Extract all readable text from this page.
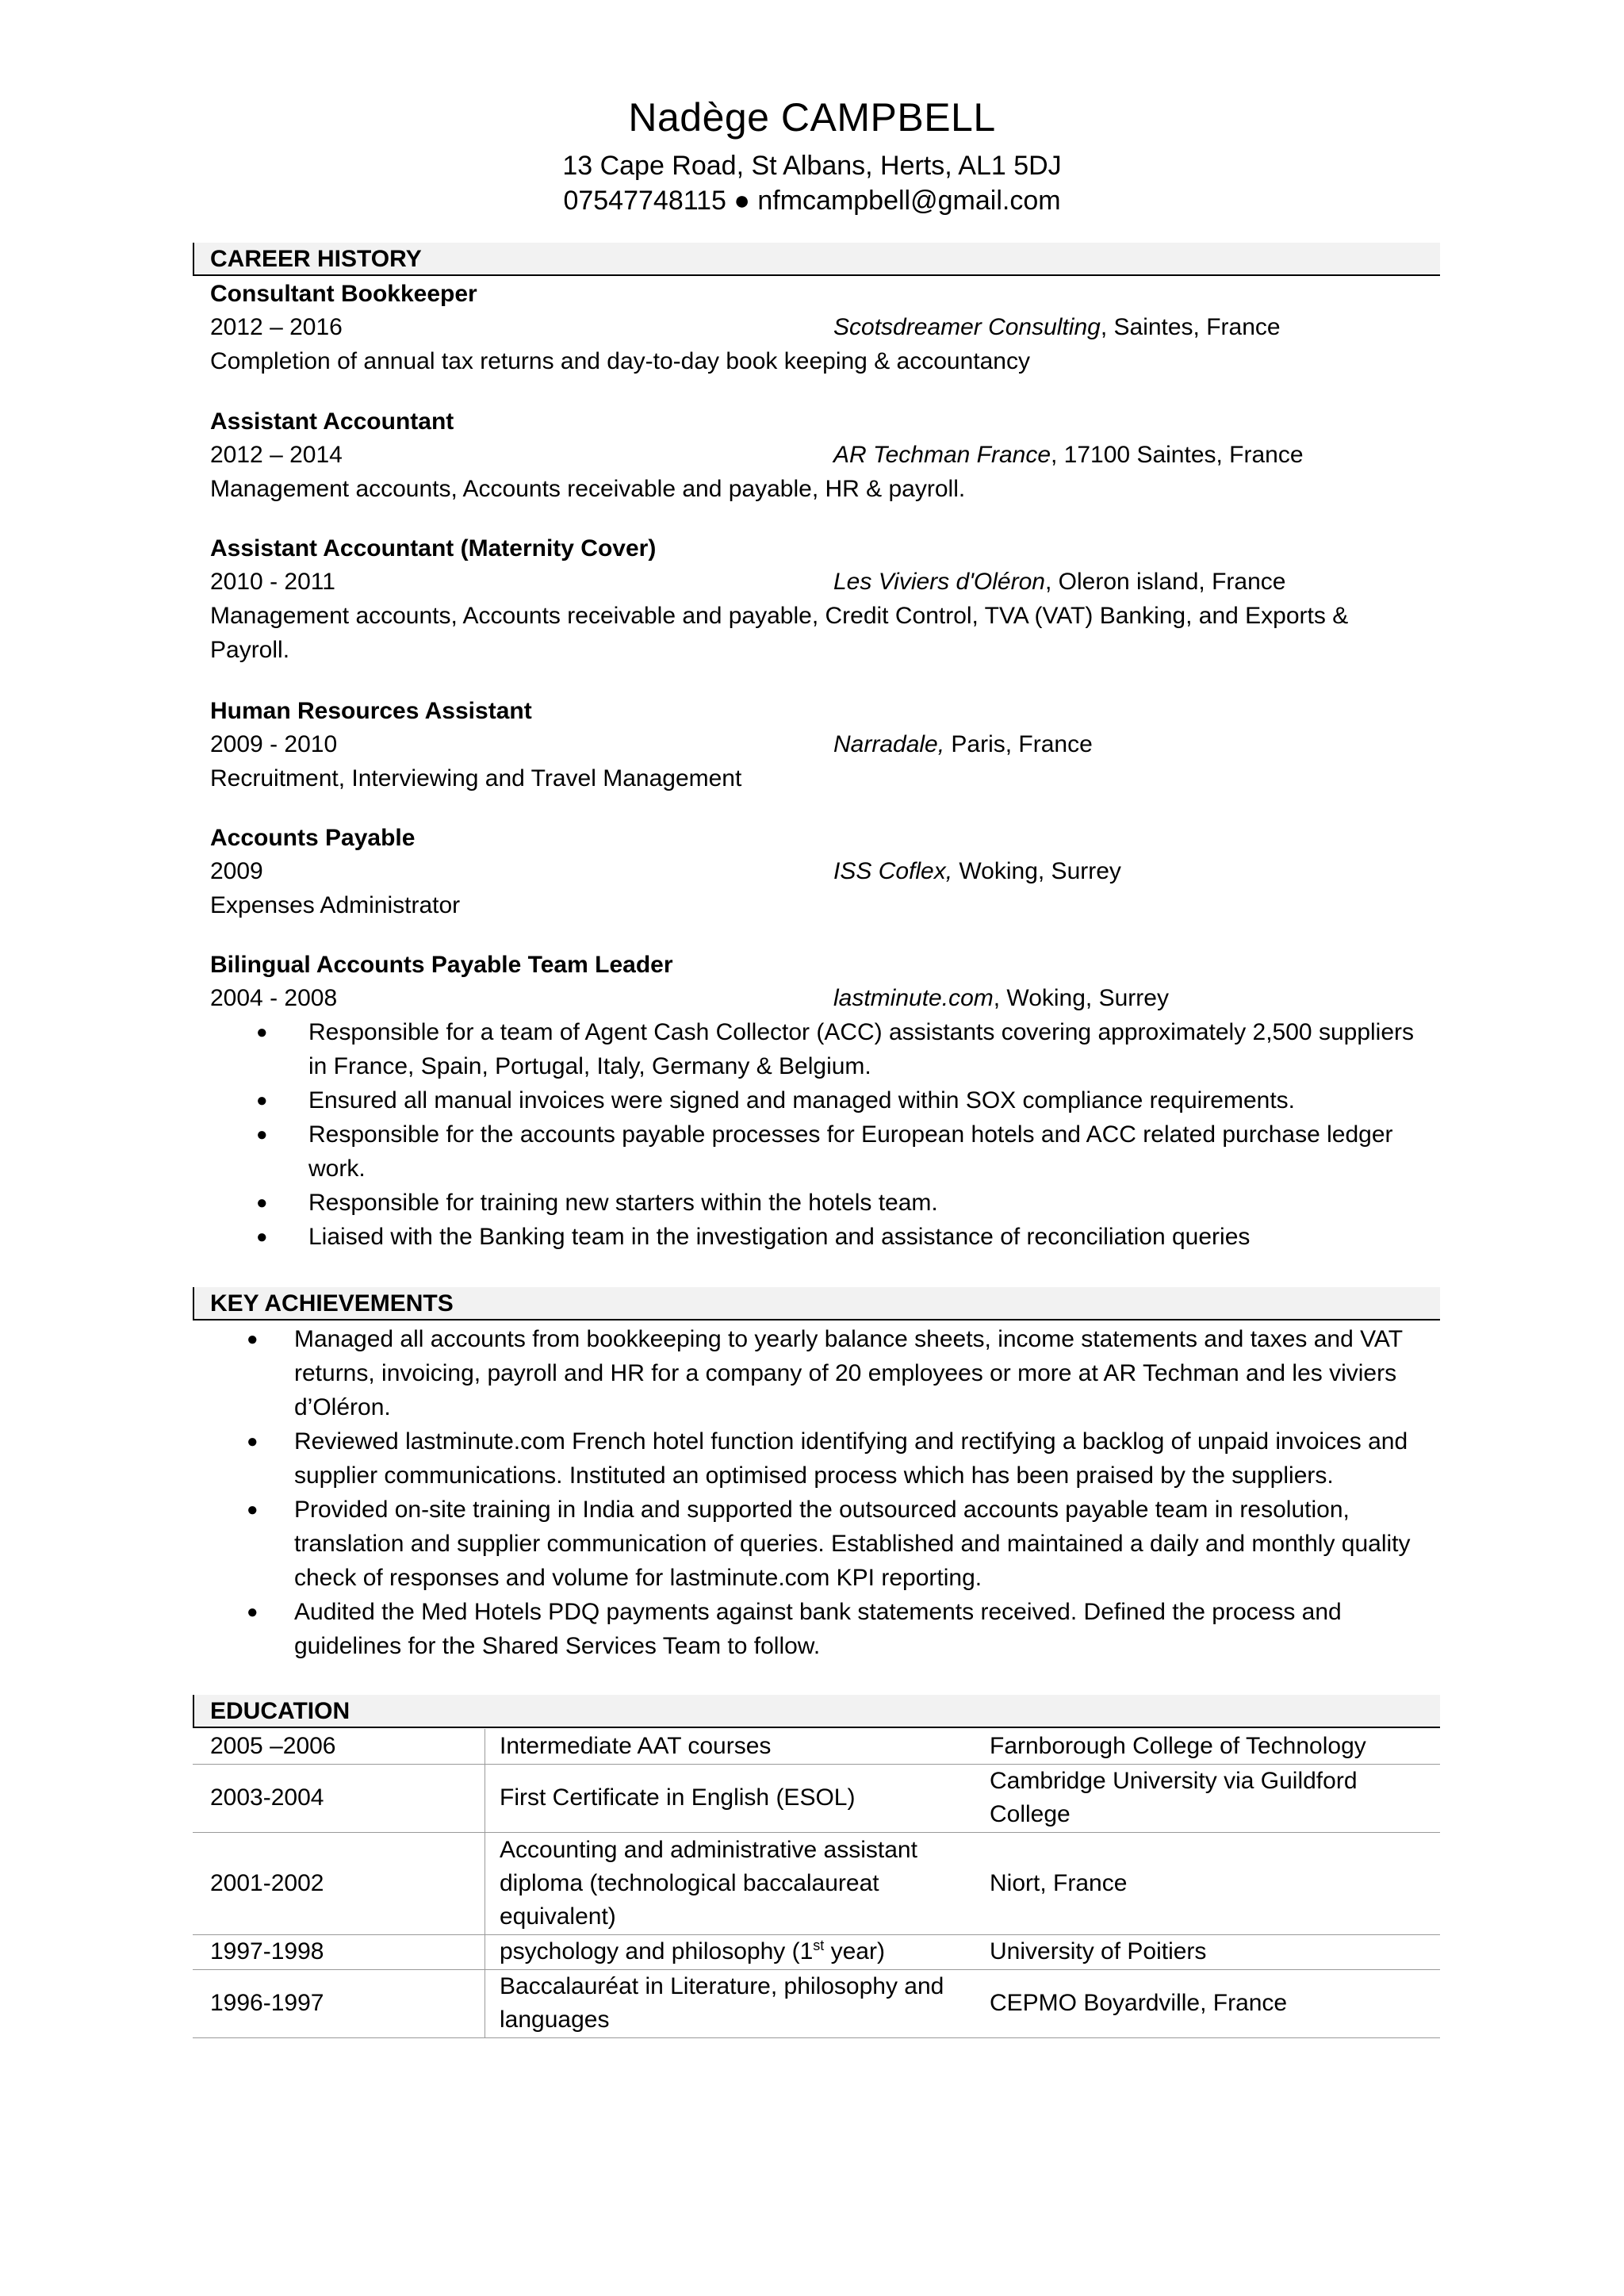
Nadège CAMPBELL
13 Cape Road, St Albans, Herts, AL1 5DJ
07547748115 ● nfmcampbell@gmail.com
CAREER HISTORY
Consultant Bookkeeper
2012 – 2016	Scotsdreamer Consulting, Saintes, France
Completion of annual tax returns and day-to-day book keeping & accountancy
Assistant Accountant
2012 – 2014	AR Techman France, 17100 Saintes, France
Management accounts, Accounts receivable and payable, HR & payroll.
Assistant Accountant (Maternity Cover)
2010 - 2011	Les Viviers d'Oléron, Oleron island, France
Management accounts, Accounts receivable and payable, Credit Control, TVA (VAT) Banking, and Exports & Payroll.
Human Resources Assistant
2009 - 2010	Narradale, Paris, France
Recruitment, Interviewing and Travel Management
Accounts Payable
2009	ISS Coflex, Woking, Surrey
Expenses Administrator
Bilingual Accounts Payable Team Leader
2004 - 2008	lastminute.com, Woking, Surrey
● Responsible for a team of Agent Cash Collector (ACC) assistants covering approximately 2,500 suppliers in France, Spain, Portugal, Italy, Germany & Belgium.
● Ensured all manual invoices were signed and managed within SOX compliance requirements.
● Responsible for the accounts payable processes for European hotels and ACC related purchase ledger work.
● Responsible for training new starters within the hotels team.
● Liaised with the Banking team in the investigation and assistance of reconciliation queries
KEY ACHIEVEMENTS
● Managed all accounts from bookkeeping to yearly balance sheets, income statements and taxes and VAT returns, invoicing, payroll and HR for a company of 20 employees or more at AR Techman and les viviers d’Oléron.
● Reviewed lastminute.com French hotel function identifying and rectifying a backlog of unpaid invoices and supplier communications. Instituted an optimised process which has been praised by the suppliers.
● Provided on-site training in India and supported the outsourced accounts payable team in resolution, translation and supplier communication of queries. Established and maintained a daily and monthly quality check of responses and volume for lastminute.com KPI reporting.
● Audited the Med Hotels PDQ payments against bank statements received. Defined the process and guidelines for the Shared Services Team to follow.
EDUCATION
2005 –2006	Intermediate AAT courses	Farnborough College of Technology
2003-2004	First Certificate in English (ESOL)	Cambridge University via Guildford College
2001-2002	Accounting and administrative assistant diploma (technological baccalaureat equivalent)	Niort, France
1997-1998	psychology and philosophy (1st year)	University of Poitiers
1996-1997	Baccalauréat in Literature, philosophy and languages	CEPMO Boyardville, France
